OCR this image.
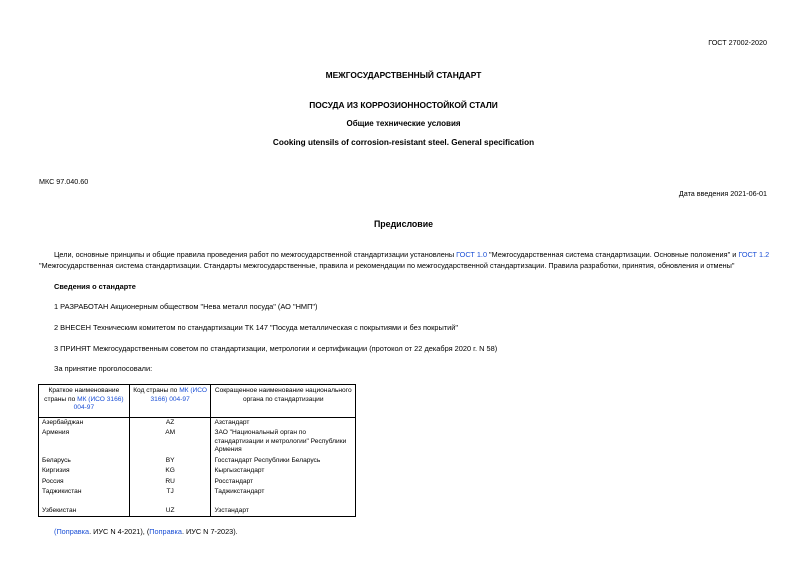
ГОСТ 27002-2020
МЕЖГОСУДАРСТВЕННЫЙ СТАНДАРТ
ПОСУДА ИЗ КОРРОЗИОННОСТОЙКОЙ СТАЛИ
Общие технические условия
Cooking utensils of corrosion-resistant steel. General specification
МКС 97.040.60
Дата введения 2021-06-01
Предисловие
Цели, основные принципы и общие правила проведения работ по межгосударственной стандартизации установлены ГОСТ 1.0 "Межгосударственная система стандартизации. Основные положения" и ГОСТ 1.2 "Межгосударственная система стандартизации. Стандарты межгосударственные, правила и рекомендации по межгосударственной стандартизации. Правила разработки, принятия, обновления и отмены"
Сведения о стандарте
1 РАЗРАБОТАН Акционерным обществом "Нева металл посуда" (АО "НМП")
2 ВНЕСЕН Техническим комитетом по стандартизации ТК 147 "Посуда металлическая с покрытиями и без покрытий"
3 ПРИНЯТ Межгосударственным советом по стандартизации, метрологии и сертификации (протокол от 22 декабря 2020 г. N 58)
За принятие проголосовали:
Краткое наименование страны по МК (ИСО 3166) 004-97	Код страны по МК (ИСО 3166) 004-97	Сокращенное наименование национального органа по стандартизации
Азербайджан	AZ	Азстандарт
Армения	AM	ЗАО "Национальный орган по стандартизации и метрологии" Республики Армения
Беларусь	BY	Госстандарт Республики Беларусь
Киргизия	KG	Кыргызстандарт
Россия	RU	Росстандарт
Таджикистан	TJ	Таджикстандарт
Узбекистан	UZ	Узстандарт
(Поправка. ИУС N 4-2021), (Поправка. ИУС N 7-2023).
